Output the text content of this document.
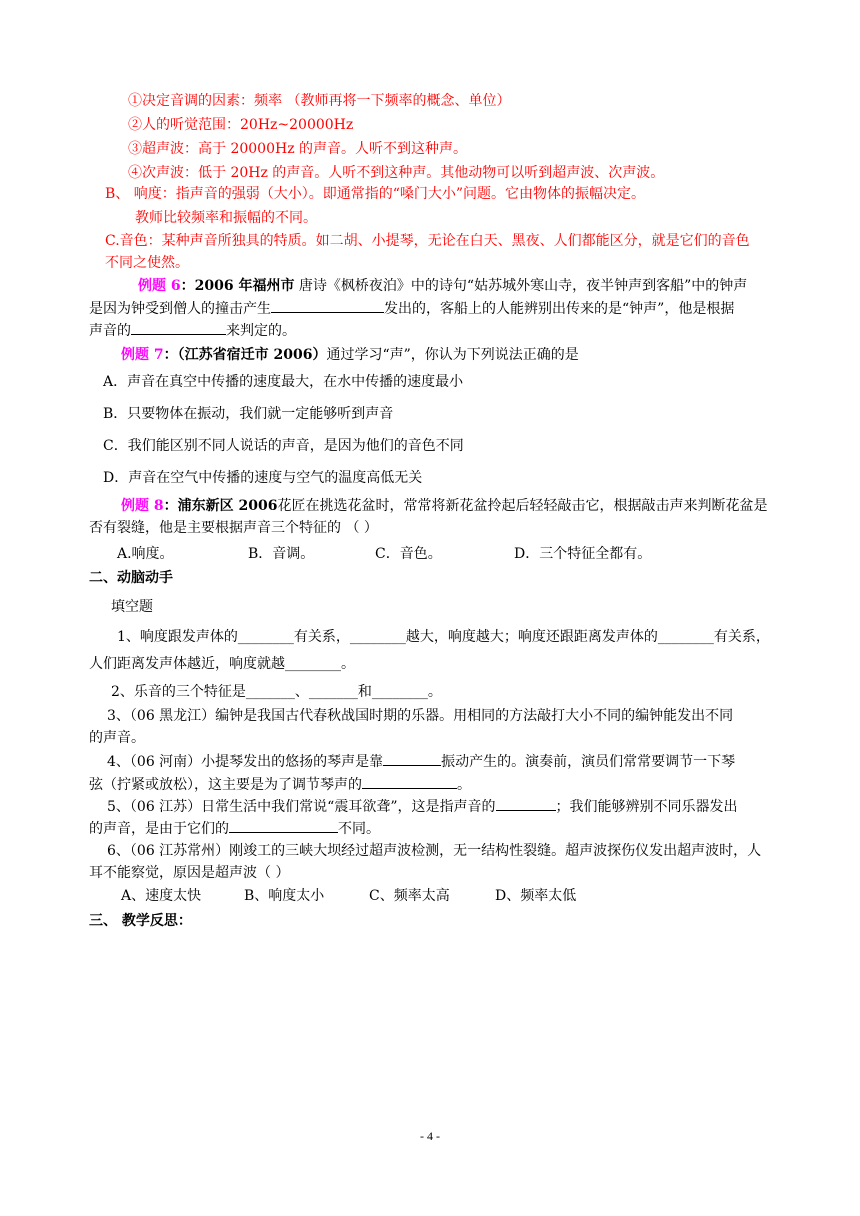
①决定音调的因素：频率 （教师再将一下频率的概念、单位）
②人的听觉范围：20Hz~20000Hz
③超声波：高于 20000Hz 的声音。人听不到这种声。
④次声波：低于 20Hz 的声音。人听不到这种声。其他动物可以听到超声波、次声波。
B、 响度：指声音的强弱（大小）。即通常指的“嗓门大小”问题。它由物体的振幅决定。
教师比较频率和振幅的不同。
C.音色：某种声音所独具的特质。如二胡、小提琴，无论在白天、黑夜、人们都能区分，就是它们的音色
不同之使然。
例题 6：2006 年福州市 唐诗《枫桥夜泊》中的诗句“姑苏城外寒山寺，夜半钟声到客船”中的钟声
是因为钟受到僧人的撞击产生	发出的，客船上的人能辨别出传来的是“钟声”，他是根据
声音的	来判定的。
例题 7：（江苏省宿迁市 2006）通过学习“声”，你认为下列说法正确的是
A．声音在真空中传播的速度最大，在水中传播的速度最小
B．只要物体在振动，我们就一定能够听到声音
C．我们能区别不同人说话的声音，是因为他们的音色不同
D．声音在空气中传播的速度与空气的温度高低无关
例题 8：浦东新区 2006花匠在挑选花盆时，常常将新花盆拎起后轻轻敲击它，根据敲击声来判断花盆是
否有裂缝，他是主要根据声音三个特征的 （ ）
A.响度。	B．音调。	C．音色。	D．三个特征全都有。
二、动脑动手
填空题
1、响度跟发声体的________有关系，________越大，响度越大；响度还跟距离发声体的________有关系，
人们距离发声体越近，响度就越________。
2、乐音的三个特征是_______、_______和________。
3、（06 黑龙江）编钟是我国古代春秋战国时期的乐器。用相同的方法敲打大小不同的编钟能发出不同
的声音。
4、（06 河南）小提琴发出的悠扬的琴声是靠	振动产生的。演奏前，演员们常常要调节一下琴
弦（拧紧或放松），这主要是为了调节琴声的	。
5、（06 江苏）日常生活中我们常说“震耳欲聋”，这是指声音的	；我们能够辨别不同乐器发出
的声音，是由于它们的	不同。
6、（06 江苏常州）刚竣工的三峡大坝经过超声波检测，无一结构性裂缝。超声波探伤仪发出超声波时，人
耳不能察觉，原因是超声波（ ）
A、速度太快	B、响度太小	C、频率太高	D、频率太低
三、 教学反思：
- 4 -
